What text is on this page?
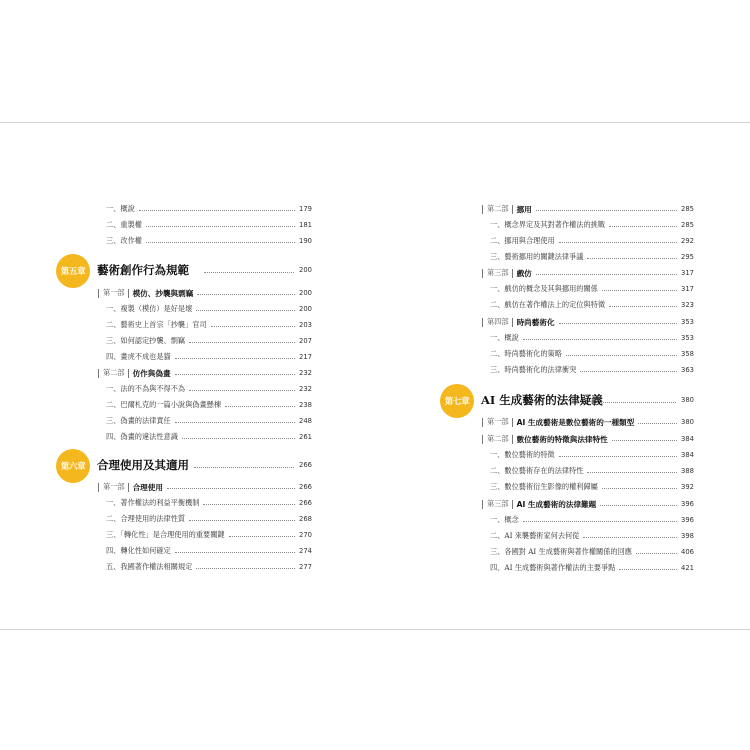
一、概說	179
二、重製權	181
三、改作權	190
第五章	藝術創作行為規範	200
第一部 模仿、抄襲與剽竊	200
一、複製（模仿）是好是壞	200
二、藝術史上首宗「抄襲」官司	203
三、如何認定抄襲、剽竊	207
四、畫虎不成也是貓	217
第二部 仿作與偽畫	232
一、法的不為與不得不為	232
二、巴爾札克的一篇小說與偽畫懸棟	238
三、偽畫的法律責任	248
四、偽畫的違法性意識	261
第六章	合理使用及其適用	266
第一部 合理使用	266
一、著作權法的利益平衡機制	266
二、合理使用的法律性質	268
三、「轉化性」是合理使用的重要關鍵	270
四、轉化性如何確定	274
五、我國著作權法相關規定	277
第二部 挪用	285
一、概念界定及其對著作權法的挑戰	285
二、挪用與合理使用	292
三、藝術挪用的關鍵法律爭議	295
第三部 戲仿	317
一、戲仿的概念及其與挪用的關係	317
二、戲仿在著作權法上的定位與特徵	323
第四部 時尚藝術化	353
一、概說	353
二、時尚藝術化的策略	358
三、時尚藝術化的法律衝突	363
第七章	AI 生成藝術的法律疑義	380
第一部 AI 生成藝術是數位藝術的一種類型	380
第二部 數位藝術的特徵與法律特性	384
一、數位藝術的特徵	384
二、數位藝術存在的法律特性	388
三、數位藝術衍生影像的權利歸屬	392
第三部 AI 生成藝術的法律難題	396
一、概念	396
二、AI 來襲藝術家何去何從	398
三、各國對 AI 生成藝術與著作權關係的回應	406
四、AI 生成藝術與著作權法的主要爭點	421
